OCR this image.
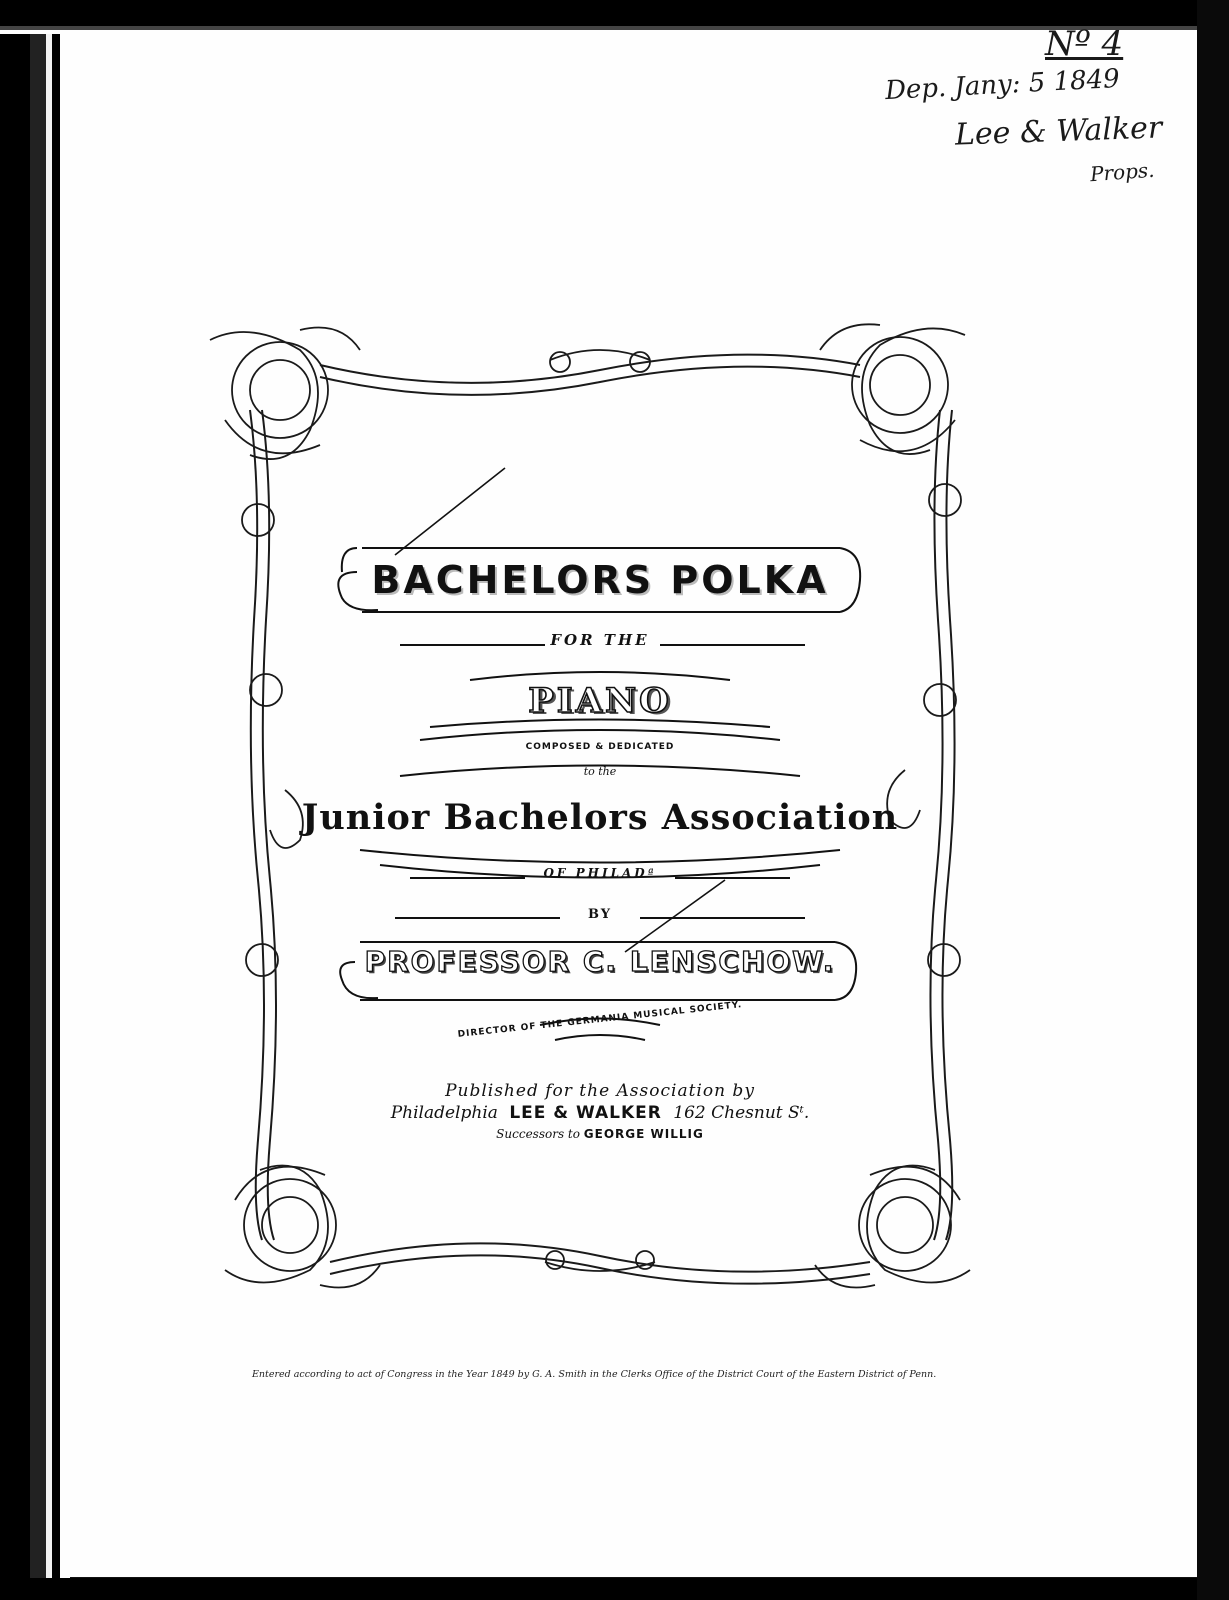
Nº 4
Dep. Jany: 5 1849
Lee & Walker
Props.
BACHELORS POLKA
FOR THE
PIANO
COMPOSED & DEDICATED
to the
Junior Bachelors Association
OF PHILADª
BY
PROFESSOR C. LENSCHOW.
DIRECTOR OF THE GERMANIA MUSICAL SOCIETY.
Published for the Association by
Philadelphia LEE & WALKER 162 Chesnut Sᵗ.
Successors to GEORGE WILLIG
Entered according to act of Congress in the Year 1849 by G. A. Smith in the Clerks Office of the District Court of the Eastern District of Penn.
